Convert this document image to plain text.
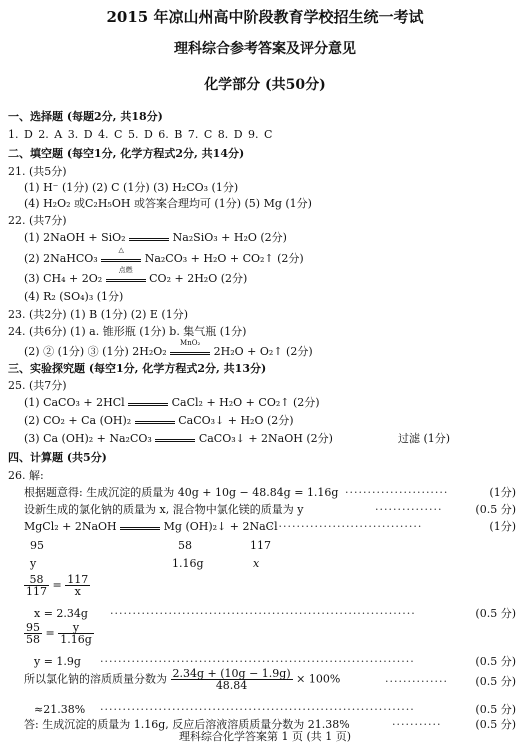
2015 年凉山州高中阶段教育学校招生统一考试
理科综合参考答案及评分意见
化学部分 (共50分)
一、选择题 (每题2分, 共18分)
1. D 2. A 3. D 4. C 5. D 6. B 7. C 8. D 9. C
二、填空题 (每空1分, 化学方程式2分, 共14分)
21. (共5分)
(1) H⁻ (1分) (2) C (1分) (3) H₂CO₃ (1分)
(4) H₂O₂ 或C₂H₅OH 或答案合理均可 (1分) (5) Mg (1分)
22. (共7分)
(1) 2NaOH + SiO₂	Na₂SiO₃ + H₂O (2分)
(2) 2NaHCO₃
△
Na₂CO₃ + H₂O + CO₂↑ (2分)
(3) CH₄ + 2O₂
点燃
CO₂ + 2H₂O (2分)
(4) R₂ (SO₄)₃ (1分)
23. (共2分) (1) B (1分) (2) E (1分)
24. (共6分) (1) a. 锥形瓶 (1分) b. 集气瓶 (1分)
(2) ② (1分) ③ (1分) 2H₂O₂
MnO₂
2H₂O + O₂↑ (2分)
三、实验探究题 (每空1分, 化学方程式2分, 共13分)
25. (共7分)
(1) CaCO₃ + 2HCl	CaCl₂ + H₂O + CO₂↑ (2分)
(2) CO₂ + Ca (OH)₂	CaCO₃↓ + H₂O (2分)
(3) Ca (OH)₂ + Na₂CO₃	CaCO₃↓ + 2NaOH (2分)	过滤 (1分)
四、计算题 (共5分)
26. 解:
根据题意得: 生成沉淀的质量为 40g + 10g − 48.84g = 1.16g ·······················	(1分)
设新生成的氯化钠的质量为 x, 混合物中氯化镁的质量为 y	···············	(0.5 分)
MgCl₂ + 2NaOH	Mg (OH)₂↓ + 2NaCl
···································	(1分)
95	58	117
y	1.16g	x
$\frac{58}{117} = \frac{117}{x}$
x = 2.34g ····································································	(0.5 分)
$\frac{95}{58} = \frac{y}{1.16g}$
y = 1.9g ······································································	(0.5 分)
所以氯化钠的溶质质量分数为 $\frac{2.34g + (10g - 1.9g)}{48.84} \times 100\%$	·············· (0.5 分)
≈21.38% ······································································	(0.5 分)
答: 生成沉淀的质量为 1.16g, 反应后溶液溶质质量分数为 21.38%	···········	(0.5 分)
理科综合化学答案第 1 页 (共 1 页)
